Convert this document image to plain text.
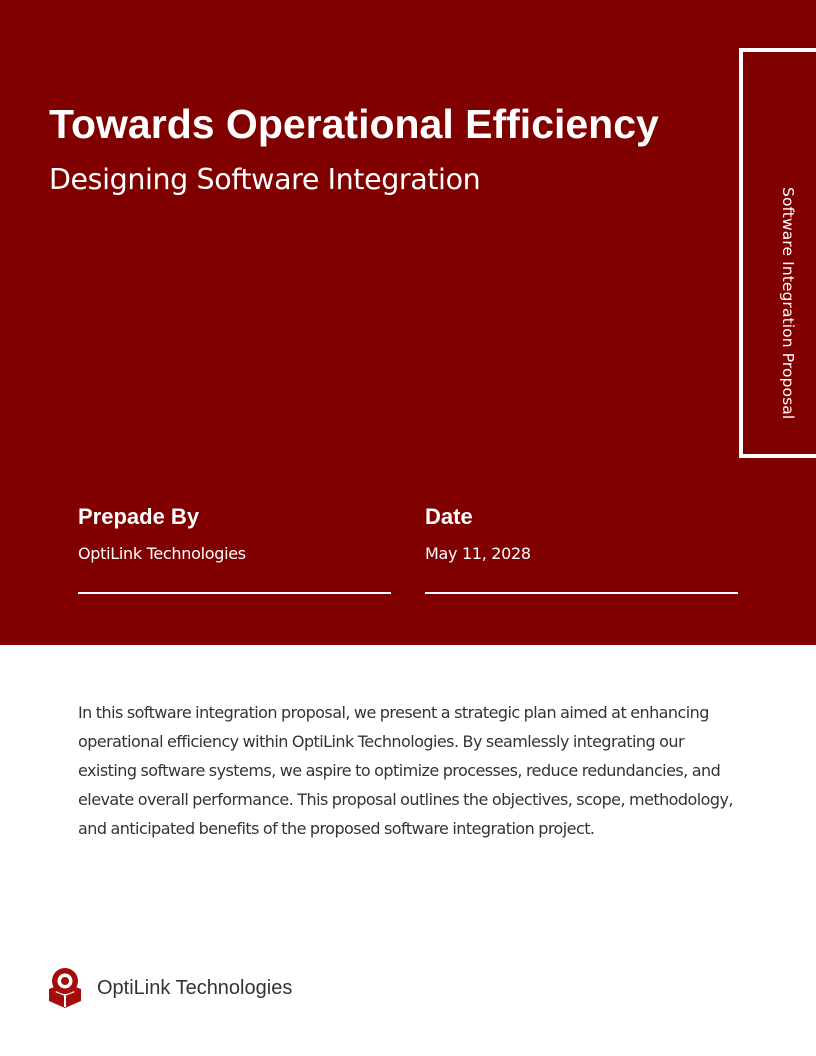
Towards Operational Efficiency
Designing Software Integration
Software Integration Proposal
Prepade By
OptiLink Technologies
Date
May 11, 2028

In this software integration proposal, we present a strategic plan aimed at enhancing operational efficiency within OptiLink Technologies. By seamlessly integrating our existing software systems, we aspire to optimize processes, reduce redundancies, and elevate overall performance. This proposal outlines the objectives, scope, methodology, and anticipated benefits of the proposed software integration project.

OptiLink Technologies
